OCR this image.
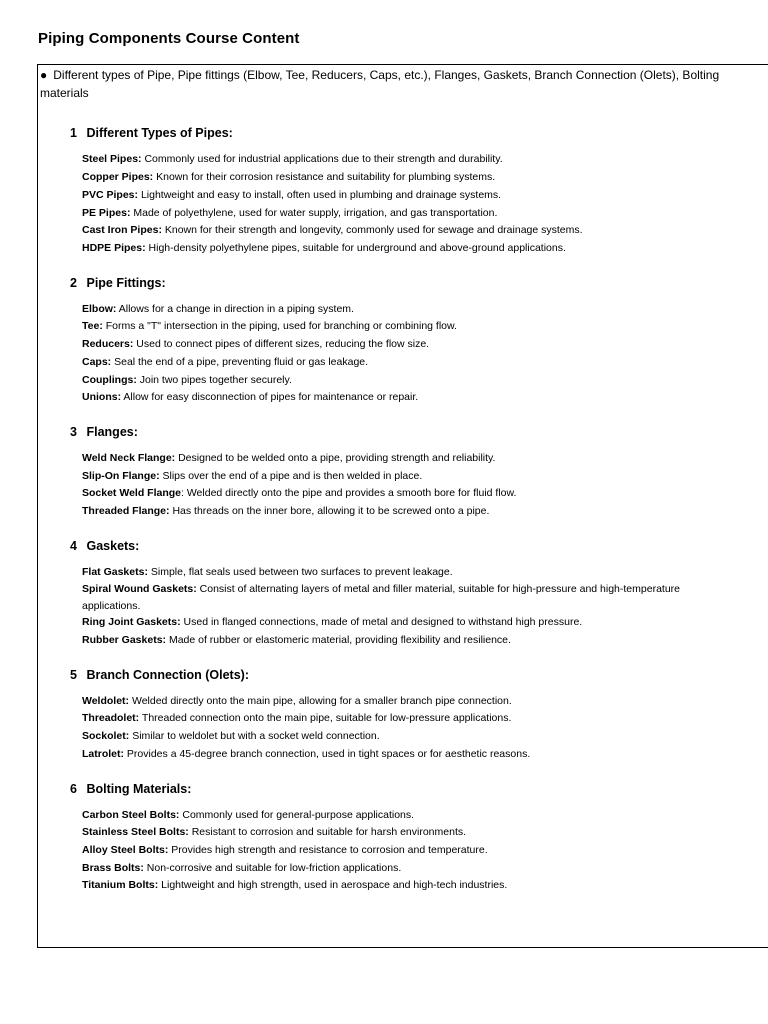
Piping Components Course Content
● Different types of Pipe, Pipe fittings (Elbow, Tee, Reducers, Caps, etc.), Flanges, Gaskets, Branch Connection (Olets), Bolting materials
1 Different Types of Pipes:
Steel Pipes: Commonly used for industrial applications due to their strength and durability.
Copper Pipes: Known for their corrosion resistance and suitability for plumbing systems.
PVC Pipes: Lightweight and easy to install, often used in plumbing and drainage systems.
PE Pipes: Made of polyethylene, used for water supply, irrigation, and gas transportation.
Cast Iron Pipes: Known for their strength and longevity, commonly used for sewage and drainage systems.
HDPE Pipes: High-density polyethylene pipes, suitable for underground and above-ground applications.
2 Pipe Fittings:
Elbow: Allows for a change in direction in a piping system.
Tee: Forms a "T" intersection in the piping, used for branching or combining flow.
Reducers: Used to connect pipes of different sizes, reducing the flow size.
Caps: Seal the end of a pipe, preventing fluid or gas leakage.
Couplings: Join two pipes together securely.
Unions: Allow for easy disconnection of pipes for maintenance or repair.
3 Flanges:
Weld Neck Flange: Designed to be welded onto a pipe, providing strength and reliability.
Slip-On Flange: Slips over the end of a pipe and is then welded in place.
Socket Weld Flange: Welded directly onto the pipe and provides a smooth bore for fluid flow.
Threaded Flange: Has threads on the inner bore, allowing it to be screwed onto a pipe.
4 Gaskets:
Flat Gaskets: Simple, flat seals used between two surfaces to prevent leakage.
Spiral Wound Gaskets: Consist of alternating layers of metal and filler material, suitable for high-pressure and high-temperature applications.
Ring Joint Gaskets: Used in flanged connections, made of metal and designed to withstand high pressure.
Rubber Gaskets: Made of rubber or elastomeric material, providing flexibility and resilience.
5 Branch Connection (Olets):
Weldolet: Welded directly onto the main pipe, allowing for a smaller branch pipe connection.
Threadolet: Threaded connection onto the main pipe, suitable for low-pressure applications.
Sockolet: Similar to weldolet but with a socket weld connection.
Latrolet: Provides a 45-degree branch connection, used in tight spaces or for aesthetic reasons.
6 Bolting Materials:
Carbon Steel Bolts: Commonly used for general-purpose applications.
Stainless Steel Bolts: Resistant to corrosion and suitable for harsh environments.
Alloy Steel Bolts: Provides high strength and resistance to corrosion and temperature.
Brass Bolts: Non-corrosive and suitable for low-friction applications.
Titanium Bolts: Lightweight and high strength, used in aerospace and high-tech industries.
